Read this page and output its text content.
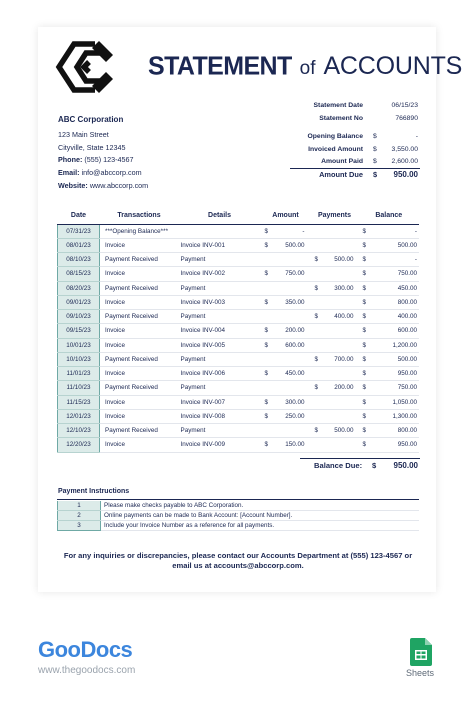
STATEMENT of ACCOUNTS
ABC Corporation
123 Main Street
Cityville, State 12345
Phone: (555) 123-4567
Email: info@abccorp.com
Website: www.abccorp.com
Statement Date	06/15/23
Statement No	766890
Opening Balance $	-
Invoiced Amount $ 3,550.00
Amount Paid $ 2,600.00
Amount Due $ 950.00
Date	Transactions	Details	Amount		Payments		Balance	
07/31/23	***Opening Balance***		$	-			$	-
08/01/23	Invoice	Invoice INV-001	$	500.00			$	500.00
08/10/23	Payment Received	Payment			$	500.00	$	-
08/15/23	Invoice	Invoice INV-002	$	750.00			$	750.00
08/20/23	Payment Received	Payment			$	300.00	$	450.00
09/01/23	Invoice	Invoice INV-003	$	350.00			$	800.00
09/10/23	Payment Received	Payment			$	400.00	$	400.00
09/15/23	Invoice	Invoice INV-004	$	200.00			$	600.00
10/01/23	Invoice	Invoice INV-005	$	600.00			$	1,200.00
10/10/23	Payment Received	Payment			$	700.00	$	500.00
11/01/23	Invoice	Invoice INV-006	$	450.00			$	950.00
11/10/23	Payment Received	Payment			$	200.00	$	750.00
11/15/23	Invoice	Invoice INV-007	$	300.00			$	1,050.00
12/01/23	Invoice	Invoice INV-008	$	250.00			$	1,300.00
12/10/23	Payment Received	Payment			$	500.00	$	800.00
12/20/23	Invoice	Invoice INV-009	$	150.00			$	950.00
Balance Due: $ 950.00
Payment Instructions
1	Please make checks payable to ABC Corporation.
2	Online payments can be made to Bank Account: [Account Number].
3	Include your Invoice Number as a reference for all payments.
For any inquiries or discrepancies, please contact our Accounts Department at (555) 123-4567 or
email us at accounts@abccorp.com.
GooDocs
www.thegoodocs.com	Sheets
